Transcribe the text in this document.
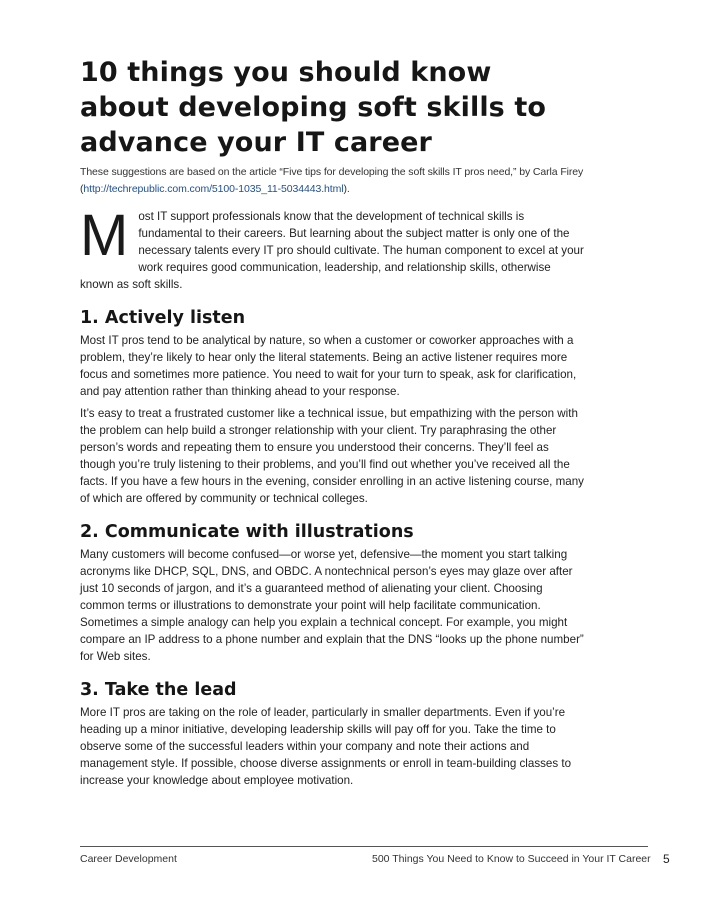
10 things you should know about developing soft skills to advance your IT career

These suggestions are based on the article “Five tips for developing the soft skills IT pros need,” by Carla Firey (http://techrepublic.com.com/5100-1035_11-5034443.html).

Most IT support professionals know that the development of technical skills is fundamental to their careers. But learning about the subject matter is only one of the necessary talents every IT pro should cultivate. The human component to excel at your work requires good communication, leadership, and relationship skills, otherwise known as soft skills.

1. Actively listen

Most IT pros tend to be analytical by nature, so when a customer or coworker approaches with a problem, they’re likely to hear only the literal statements. Being an active listener requires more focus and sometimes more patience. You need to wait for your turn to speak, ask for clarification, and pay attention rather than thinking ahead to your response.

It’s easy to treat a frustrated customer like a technical issue, but empathizing with the person with the problem can help build a stronger relationship with your client. Try paraphrasing the other person’s words and repeating them to ensure you understood their concerns. They’ll feel as though you’re truly listening to their problems, and you’ll find out whether you’ve received all the facts. If you have a few hours in the evening, consider enrolling in an active listening course, many of which are offered by community or technical colleges.

2. Communicate with illustrations

Many customers will become confused—or worse yet, defensive—the moment you start talking acronyms like DHCP, SQL, DNS, and OBDC. A nontechnical person’s eyes may glaze over after just 10 seconds of jargon, and it’s a guaranteed method of alienating your client. Choosing common terms or illustrations to demonstrate your point will help facilitate communication. Sometimes a simple analogy can help you explain a technical concept. For example, you might compare an IP address to a phone number and explain that the DNS “looks up the phone number” for Web sites.

3. Take the lead

More IT pros are taking on the role of leader, particularly in smaller departments. Even if you’re heading up a minor initiative, developing leadership skills will pay off for you. Take the time to observe some of the successful leaders within your company and note their actions and management style. If possible, choose diverse assignments or enroll in team-building classes to increase your knowledge about employee motivation.

Career Development	500 Things You Need to Know to Succeed in Your IT Career 5
